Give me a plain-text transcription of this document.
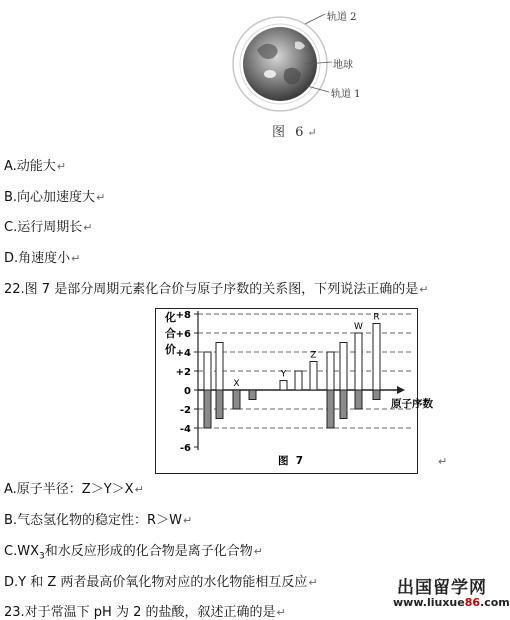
轨道 2
地球
轨道 1
图 6↵
A.动能大↵
B.向心加速度大↵
C.运行周期长↵
D.角速度小↵
22.图 7 是部分周期元素化合价与原子序数的关系图，下列说法正确的是↵
化
合
价
+8
+6
+4
+2
0
-2
-4
-6
X
Y
Z
W
R
原子序数
图  7	↵
A.原子半径：Z＞Y＞X↵
B.气态氢化物的稳定性：R＞W↵
$C.WX_3$和水反应形成的化合物是离子化合物↵
D.Y 和 Z 两者最高价氧化物对应的水化物能相互反应↵
23.对于常温下 pH 为 2 的盐酸，叙述正确的是↵
出国留学网
www.liuxue86.com
